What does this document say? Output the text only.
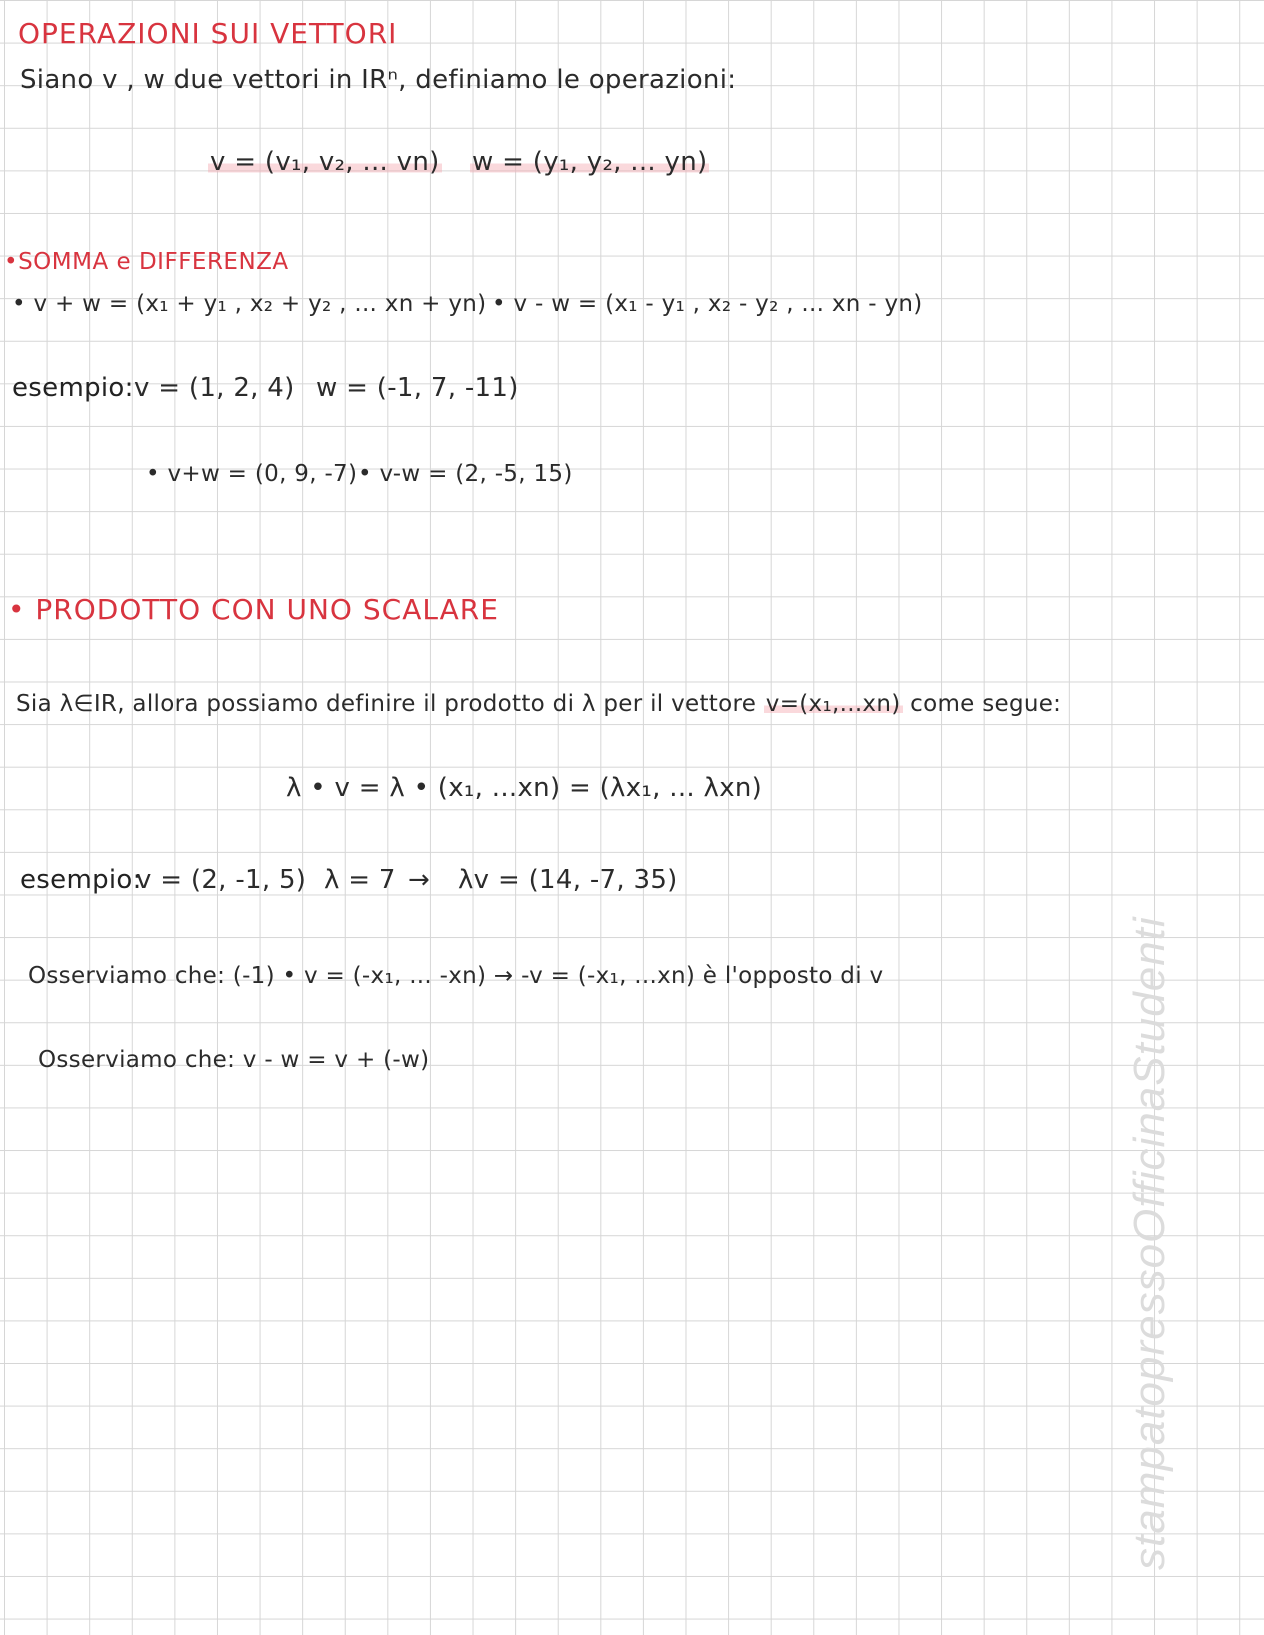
OPERAZIONI SUI VETTORI
Siano v , w due vettori in IRⁿ, definiamo le operazioni:
v = (v₁, v₂, ... vn) w = (y₁, y₂, ... yn)
•SOMMA e DIFFERENZA
• v + w = (x₁ + y₁ , x₂ + y₂ , ... xn + yn) • v - w = (x₁ - y₁ , x₂ - y₂ , ... xn - yn)
esempio: v = (1, 2, 4) w = (-1, 7, -11)
• v+w = (0, 9, -7) • v-w = (2, -5, 15)
• PRODOTTO CON UNO SCALARE
Sia λ∈IR, allora possiamo definire il prodotto di λ per il vettore v=(x₁,...xn) come segue:
λ • v = λ • (x₁, ...xn) = (λx₁, ... λxn)
esempio:
v = (2, -1, 5) λ = 7 → λv = (14, -7, 35)
Osserviamo che: (-1) • v = (-x₁, ... -xn) → -v = (-x₁, ...xn) è l'opposto di v
Osserviamo che: v - w = v + (-w)	stampatopressoOfficinaStudenti
